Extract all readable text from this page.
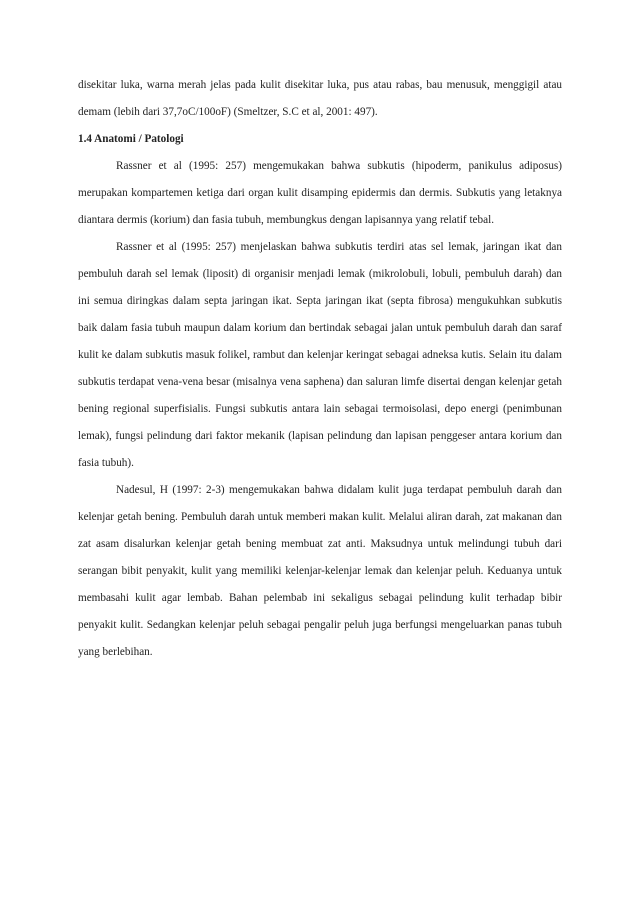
disekitar luka, warna merah jelas pada kulit disekitar luka, pus atau rabas, bau menusuk, menggigil atau demam (lebih dari 37,7oC/100oF) (Smeltzer, S.C et al, 2001: 497).

1.4 Anatomi / Patologi

Rassner et al (1995: 257) mengemukakan bahwa subkutis (hipoderm, panikulus adiposus) merupakan kompartemen ketiga dari organ kulit disamping epidermis dan dermis. Subkutis yang letaknya diantara dermis (korium) dan fasia tubuh, membungkus dengan lapisannya yang relatif tebal.

Rassner et al (1995: 257) menjelaskan bahwa subkutis terdiri atas sel lemak, jaringan ikat dan pembuluh darah sel lemak (liposit) di organisir menjadi lemak (mikrolobuli, lobuli, pembuluh darah) dan ini semua diringkas dalam septa jaringan ikat. Septa jaringan ikat (septa fibrosa) mengukuhkan subkutis baik dalam fasia tubuh maupun dalam korium dan bertindak sebagai jalan untuk pembuluh darah dan saraf kulit ke dalam subkutis masuk folikel, rambut dan kelenjar keringat sebagai adneksa kutis. Selain itu dalam subkutis terdapat vena-vena besar (misalnya vena saphena) dan saluran limfe disertai dengan kelenjar getah bening regional superfisialis. Fungsi subkutis antara lain sebagai termoisolasi, depo energi (penimbunan lemak), fungsi pelindung dari faktor mekanik (lapisan pelindung dan lapisan penggeser antara korium dan fasia tubuh).

Nadesul, H (1997: 2-3) mengemukakan bahwa didalam kulit juga terdapat pembuluh darah dan kelenjar getah bening. Pembuluh darah untuk memberi makan kulit. Melalui aliran darah, zat makanan dan zat asam disalurkan kelenjar getah bening membuat zat anti. Maksudnya untuk melindungi tubuh dari serangan bibit penyakit, kulit yang memiliki kelenjar-kelenjar lemak dan kelenjar peluh. Keduanya untuk membasahi kulit agar lembab. Bahan pelembab ini sekaligus sebagai pelindung kulit terhadap bibir penyakit kulit. Sedangkan kelenjar peluh sebagai pengalir peluh juga berfungsi mengeluarkan panas tubuh yang berlebihan.
